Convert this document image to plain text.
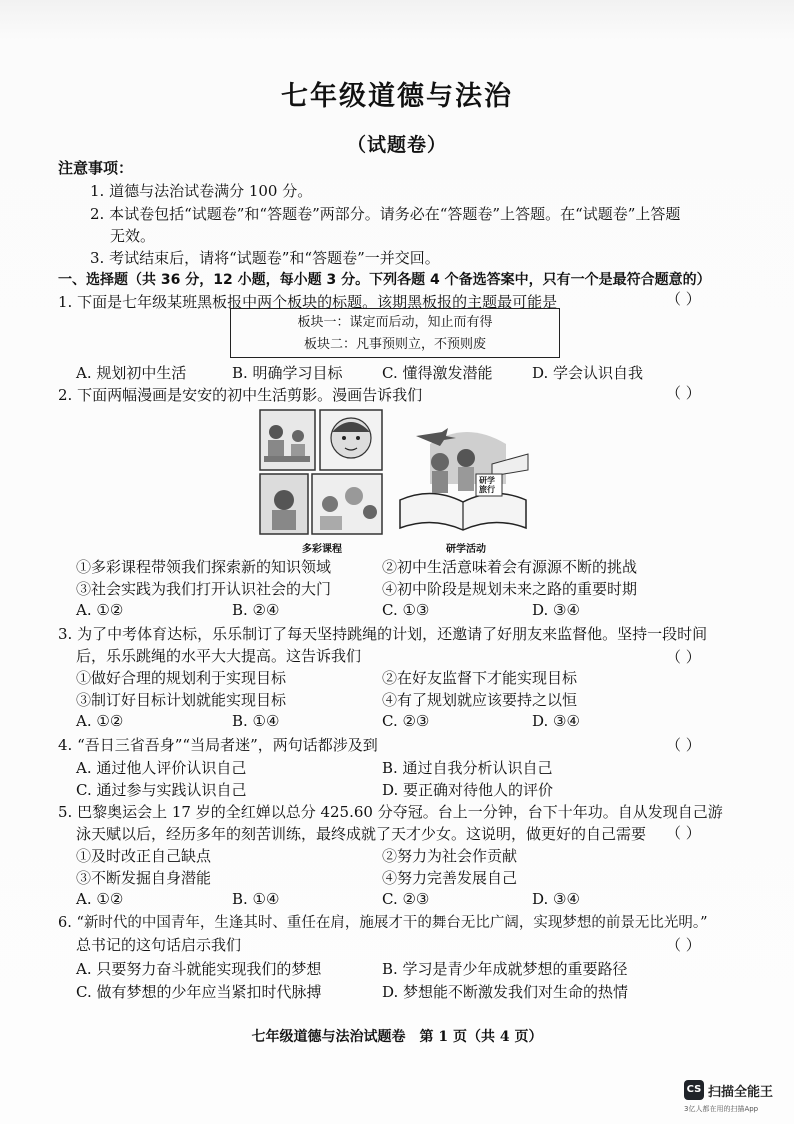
七年级道德与法治
（试题卷）
注意事项：
1. 道德与法治试卷满分 100 分。
2. 本试卷包括“试题卷”和“答题卷”两部分。请务必在“答题卷”上答题。在“试题卷”上答题
无效。
3. 考试结束后，请将“试题卷”和“答题卷”一并交回。
一、选择题（共 36 分，12 小题，每小题 3 分。下列各题 4 个备选答案中，只有一个是最符合题意的）
1. 下面是七年级某班黑板报中两个板块的标题。该期黑板报的主题最可能是	（ ）
板块一：谋定而后动，知止而有得
板块二：凡事预则立，不预则废
A. 规划初中生活	B. 明确学习目标	C. 懂得激发潜能	D. 学会认识自我
2. 下面两幅漫画是安安的初中生活剪影。漫画告诉我们	（ ）
多彩课程
研学
旅行
研学活动
①多彩课程带领我们探索新的知识领域	②初中生活意味着会有源源不断的挑战
③社会实践为我们打开认识社会的大门	④初中阶段是规划未来之路的重要时期
A. ①②	B. ②④	C. ①③	D. ③④
3. 为了中考体育达标，乐乐制订了每天坚持跳绳的计划，还邀请了好朋友来监督他。坚持一段时间
后，乐乐跳绳的水平大大提高。这告诉我们	（ ）
①做好合理的规划利于实现目标	②在好友监督下才能实现目标
③制订好目标计划就能实现目标	④有了规划就应该要持之以恒
A. ①②	B. ①④	C. ②③	D. ③④
4. “吾日三省吾身”“当局者迷”，两句话都涉及到	（ ）
A. 通过他人评价认识自己	B. 通过自我分析认识自己
C. 通过参与实践认识自己	D. 要正确对待他人的评价
5. 巴黎奥运会上 17 岁的全红婵以总分 425.60 分夺冠。台上一分钟，台下十年功。自从发现自己游
泳天赋以后，经历多年的刻苦训练，最终成就了天才少女。这说明，做更好的自己需要 （ ）
①及时改正自己缺点	②努力为社会作贡献
③不断发掘自身潜能	④努力完善发展自己
A. ①②	B. ①④	C. ②③	D. ③④
6. “新时代的中国青年，生逢其时、重任在肩，施展才干的舞台无比广阔，实现梦想的前景无比光明。”
总书记的这句话启示我们	（ ）
A. 只要努力奋斗就能实现我们的梦想	B. 学习是青少年成就梦想的重要路径
C. 做有梦想的少年应当紧扣时代脉搏	D. 梦想能不断激发我们对生命的热情
七年级道德与法治试题卷　第 1 页（共 4 页）
CS 扫描全能王
3亿人都在用的扫描App
